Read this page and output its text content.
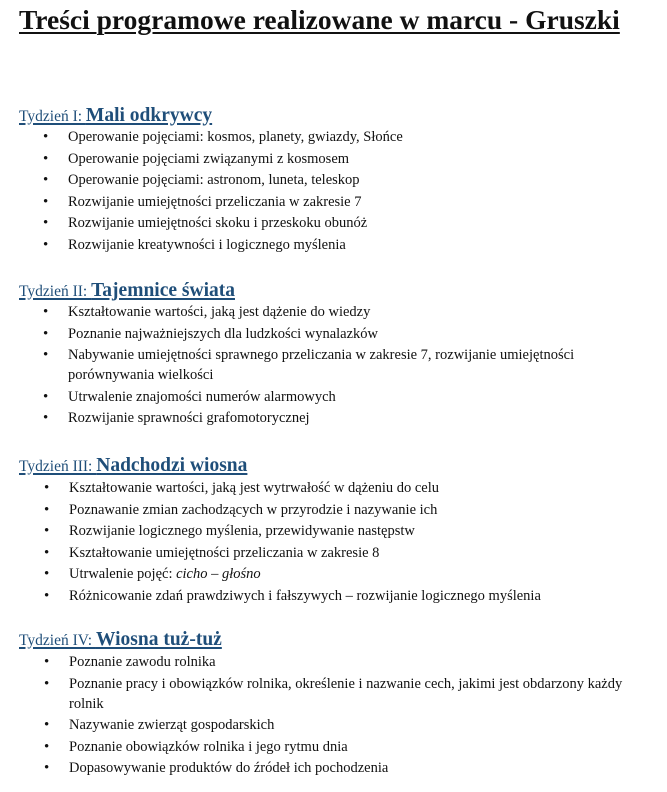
Treści programowe realizowane w marcu - Gruszki
Tydzień I: Mali odkrywcy
• Operowanie pojęciami: kosmos, planety, gwiazdy, Słońce
• Operowanie pojęciami związanymi z kosmosem
• Operowanie pojęciami: astronom, luneta, teleskop
• Rozwijanie umiejętności przeliczania w zakresie 7
• Rozwijanie umiejętności skoku i przeskoku obunóż
• Rozwijanie kreatywności i logicznego myślenia
Tydzień II: Tajemnice świata
• Kształtowanie wartości, jaką jest dążenie do wiedzy
• Poznanie najważniejszych dla ludzkości wynalazków
• Nabywanie umiejętności sprawnego przeliczania w zakresie 7, rozwijanie umiejętności porównywania wielkości
• Utrwalenie znajomości numerów alarmowych
• Rozwijanie sprawności grafomotorycznej
Tydzień III: Nadchodzi wiosna
• Kształtowanie wartości, jaką jest wytrwałość w dążeniu do celu
• Poznawanie zmian zachodzących w przyrodzie i nazywanie ich
• Rozwijanie logicznego myślenia, przewidywanie następstw
• Kształtowanie umiejętności przeliczania w zakresie 8
• Utrwalenie pojęć: cicho – głośno
• Różnicowanie zdań prawdziwych i fałszywych – rozwijanie logicznego myślenia
Tydzień IV: Wiosna tuż-tuż
• Poznanie zawodu rolnika
• Poznanie pracy i obowiązków rolnika, określenie i nazwanie cech, jakimi jest obdarzony każdy rolnik
• Nazywanie zwierząt gospodarskich
• Poznanie obowiązków rolnika i jego rytmu dnia
• Dopasowywanie produktów do źródeł ich pochodzenia
